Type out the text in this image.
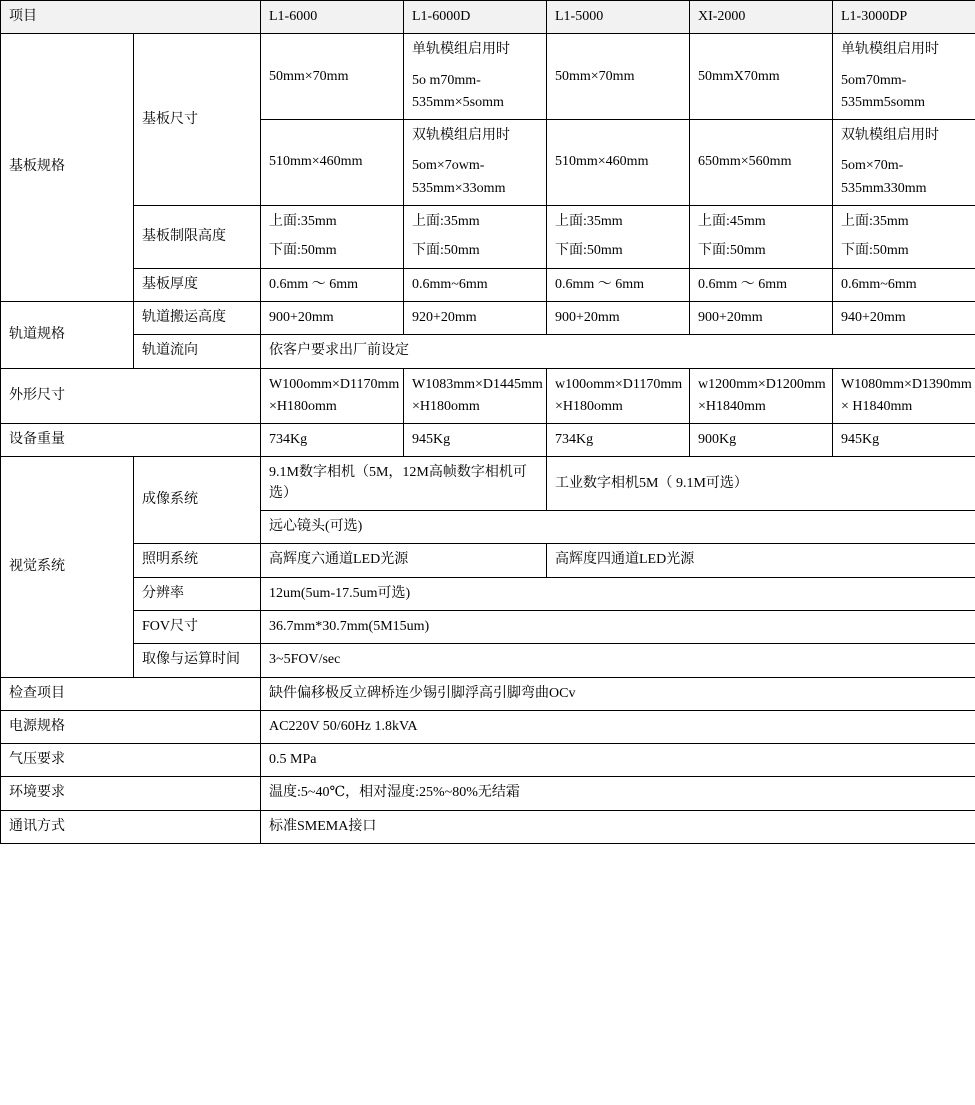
项目		L1-6000	L1-6000D	L1-5000	XI-2000	L1-3000DP
基板规格	基板尺寸	50mm×70mm	单轨模组启用时
5o m70mm-
535mm×5somm	50mm×70mm	50mmX70mm	单轨模组启用时
5om70mm-
535mm5somm

		510mm×460mm	双轨模组启用时
5om×7owm-
535mm×33omm	510mm×460mm	650mm×560mm	双轨模组启用时
5om×70m-
535mm330mm

	基板制限高度	上面:35mm
下面:50mm	上面:35mm
下面:50mm	上面:35mm
下面:50mm	上面:45mm
下面:50mm	上面:35mm
下面:50mm

	基板厚度	0.6mm ～ 6mm	0.6mm~6mm	0.6mm ～ 6mm	0.6mm ～ 6mm	0.6mm~6mm
轨道规格	轨道搬运高度	900+20mm	920+20mm	900+20mm	900+20mm	940+20mm
	轨道流向	依客户要求出厂前设定				
外形尺寸		W100omm×D1170mm
×H180omm	W1083mm×D1445mm
×H180omm	w100omm×D1170mm
×H180omm	w1200mm×D1200mm
×H1840mm	W1080mm×D1390mm
× H1840mm

设备重量		734Kg	945Kg	734Kg	900Kg	945Kg
视觉系统	成像系统	9.1M数字相机（5M，12M高帧数字相机可选）		工业数字相机5M（ 9.1M可选）		
		远心镜头(可选)				
	照明系统	高辉度六通道LED光源		高辉度四通道LED光源		
	分辨率	12um(5um-17.5um可选)				
	FOV尺寸	36.7mm*30.7mm(5M15um)				
	取像与运算时间	3~5FOV/sec				
检查项目		缺件偏移极反立碑桥连少锡引脚浮高引脚弯曲OCv				
电源规格		AC220V 50/60Hz 1.8kVA				
气压要求		0.5 MPa				
环境要求		温度:5~40℃，相对湿度:25%~80%无结霜				
通讯方式		标准SMEMA接口				
